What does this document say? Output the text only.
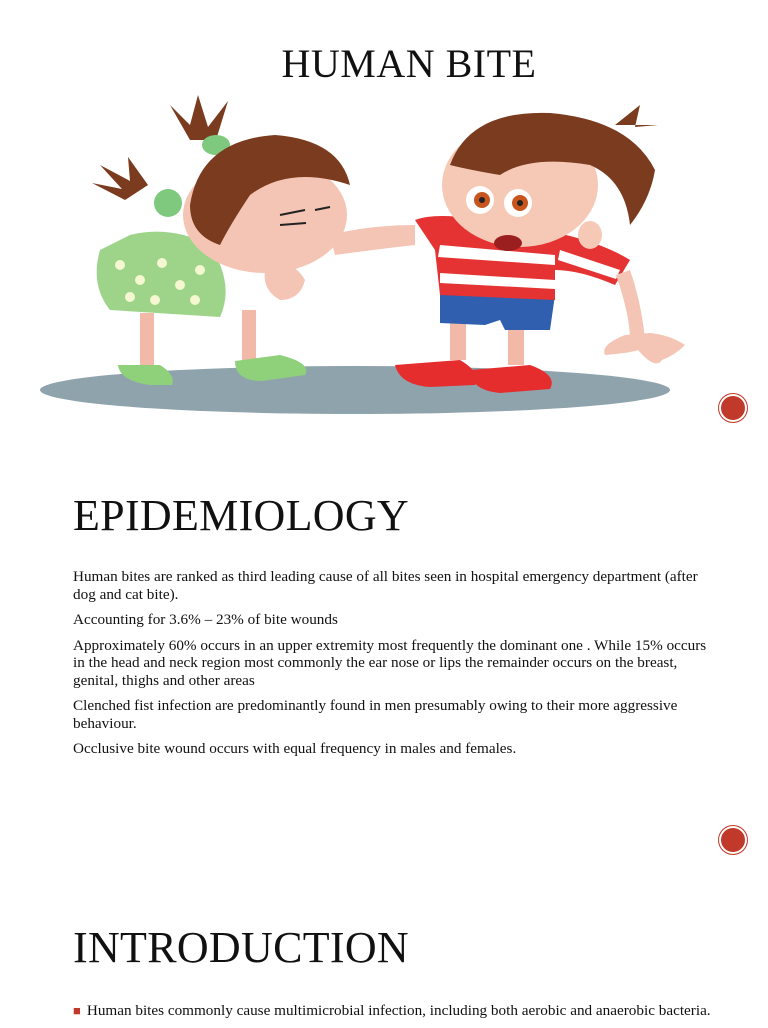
HUMAN BITE
EPIDEMIOLOGY

Human bites are ranked as third leading cause of all bites seen in hospital emergency department (after dog and cat bite).

Accounting for 3.6% – 23% of bite wounds

Approximately 60% occurs in an upper extremity most frequently the dominant one . While 15% occurs in the head and neck region most commonly the ear nose or lips the remainder occurs on the breast, genital, thighs and other areas

Clenched fist infection are predominantly found in men presumably owing to their more aggressive behaviour.

Occlusive bite wound occurs with equal frequency in males and females.

INTRODUCTION

■ Human bites commonly cause multimicrobial infection, including both aerobic and anaerobic bacteria.
